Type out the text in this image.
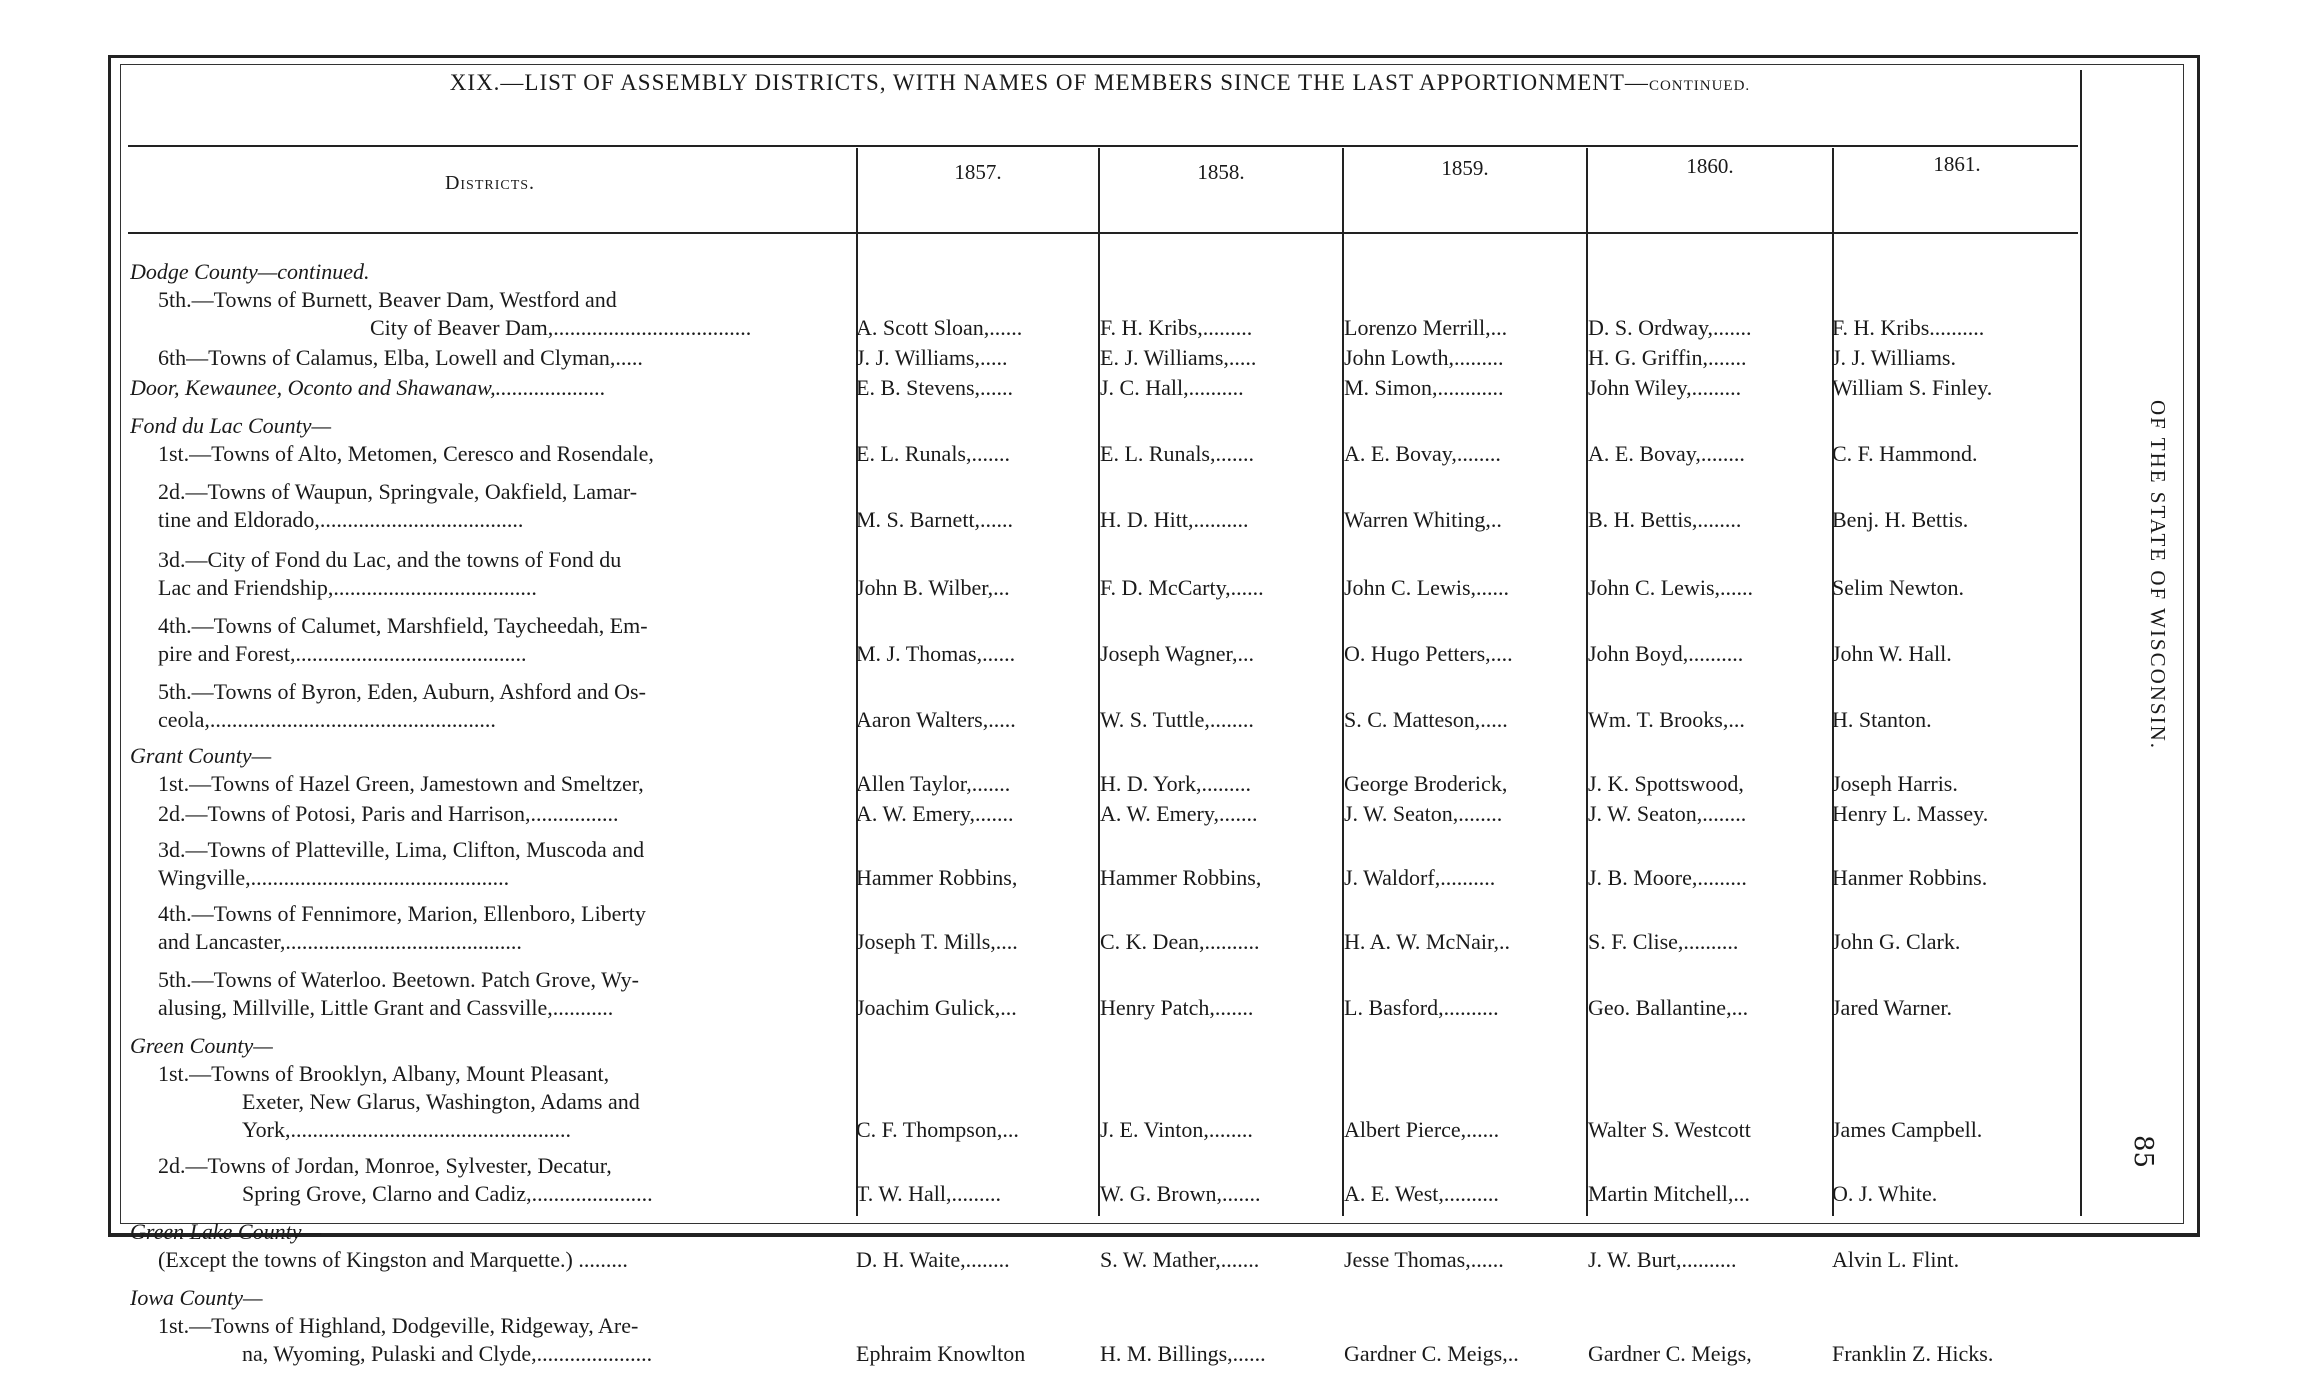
XIX.—LIST OF ASSEMBLY DISTRICTS, WITH NAMES OF MEMBERS SINCE THE LAST APPORTIONMENT—CONTINUED.
Districts.	1857.	1858.	1859.	1860.	1861.
OF THE STATE OF WISCONSIN.
85
Dodge County—continued.
5th.—Towns of Burnett, Beaver Dam, Westford and
City of Beaver Dam,....................................	A. Scott Sloan,......	F. H. Kribs,.........	Lorenzo Merrill,...	D. S. Ordway,.......	F. H. Kribs..........
6th—Towns of Calamus, Elba, Lowell and Clyman,.....	J. J. Williams,.....	E. J. Williams,.....	John Lowth,.........	H. G. Griffin,.......	J. J. Williams.
Door, Kewaunee, Oconto and Shawanaw,....................	E. B. Stevens,......	J. C. Hall,..........	M. Simon,............	John Wiley,.........	William S. Finley.
Fond du Lac County—
1st.—Towns of Alto, Metomen, Ceresco and Rosendale,	E. L. Runals,.......	E. L. Runals,.......	A. E. Bovay,........	A. E. Bovay,........	C. F. Hammond.
2d.—Towns of Waupun, Springvale, Oakfield, Lamar-
tine and Eldorado,.....................................	M. S. Barnett,......	H. D. Hitt,..........	Warren Whiting,..	B. H. Bettis,........	Benj. H. Bettis.
3d.—City of Fond du Lac, and the towns of Fond du
Lac and Friendship,.....................................	John B. Wilber,...	F. D. McCarty,......	John C. Lewis,......	John C. Lewis,......	Selim Newton.
4th.—Towns of Calumet, Marshfield, Taycheedah, Em-
pire and Forest,..........................................	M. J. Thomas,......	Joseph Wagner,...	O. Hugo Petters,....	John Boyd,..........	John W. Hall.
5th.—Towns of Byron, Eden, Auburn, Ashford and Os-
ceola,....................................................	Aaron Walters,.....	W. S. Tuttle,........	S. C. Matteson,.....	Wm. T. Brooks,...	H. Stanton.
Grant County—
1st.—Towns of Hazel Green, Jamestown and Smeltzer,	Allen Taylor,.......	H. D. York,.........	George Broderick,	J. K. Spottswood,	Joseph Harris.
2d.—Towns of Potosi, Paris and Harrison,................	A. W. Emery,.......	A. W. Emery,.......	J. W. Seaton,........	J. W. Seaton,........	Henry L. Massey.
3d.—Towns of Platteville, Lima, Clifton, Muscoda and
Wingville,...............................................	Hammer Robbins,	Hammer Robbins,	J. Waldorf,..........	J. B. Moore,.........	Hanmer Robbins.
4th.—Towns of Fennimore, Marion, Ellenboro, Liberty
and Lancaster,...........................................	Joseph T. Mills,....	C. K. Dean,..........	H. A. W. McNair,..	S. F. Clise,..........	John G. Clark.
5th.—Towns of Waterloo. Beetown. Patch Grove, Wy-
alusing, Millville, Little Grant and Cassville,...........	Joachim Gulick,...	Henry Patch,.......	L. Basford,..........	Geo. Ballantine,...	Jared Warner.
Green County—
1st.—Towns of Brooklyn, Albany, Mount Pleasant,
Exeter, New Glarus, Washington, Adams and
York,...................................................	C. F. Thompson,...	J. E. Vinton,........	Albert Pierce,......	Walter S. Westcott	James Campbell.
2d.—Towns of Jordan, Monroe, Sylvester, Decatur,
Spring Grove, Clarno and Cadiz,......................	T. W. Hall,.........	W. G. Brown,.......	A. E. West,..........	Martin Mitchell,...	O. J. White.
Green Lake County—
(Except the towns of Kingston and Marquette.) .........	D. H. Waite,........	S. W. Mather,.......	Jesse Thomas,......	J. W. Burt,..........	Alvin L. Flint.
Iowa County—
1st.—Towns of Highland, Dodgeville, Ridgeway, Are-
na, Wyoming, Pulaski and Clyde,.....................	Ephraim Knowlton	H. M. Billings,......	Gardner C. Meigs,..	Gardner C. Meigs,	Franklin Z. Hicks.
